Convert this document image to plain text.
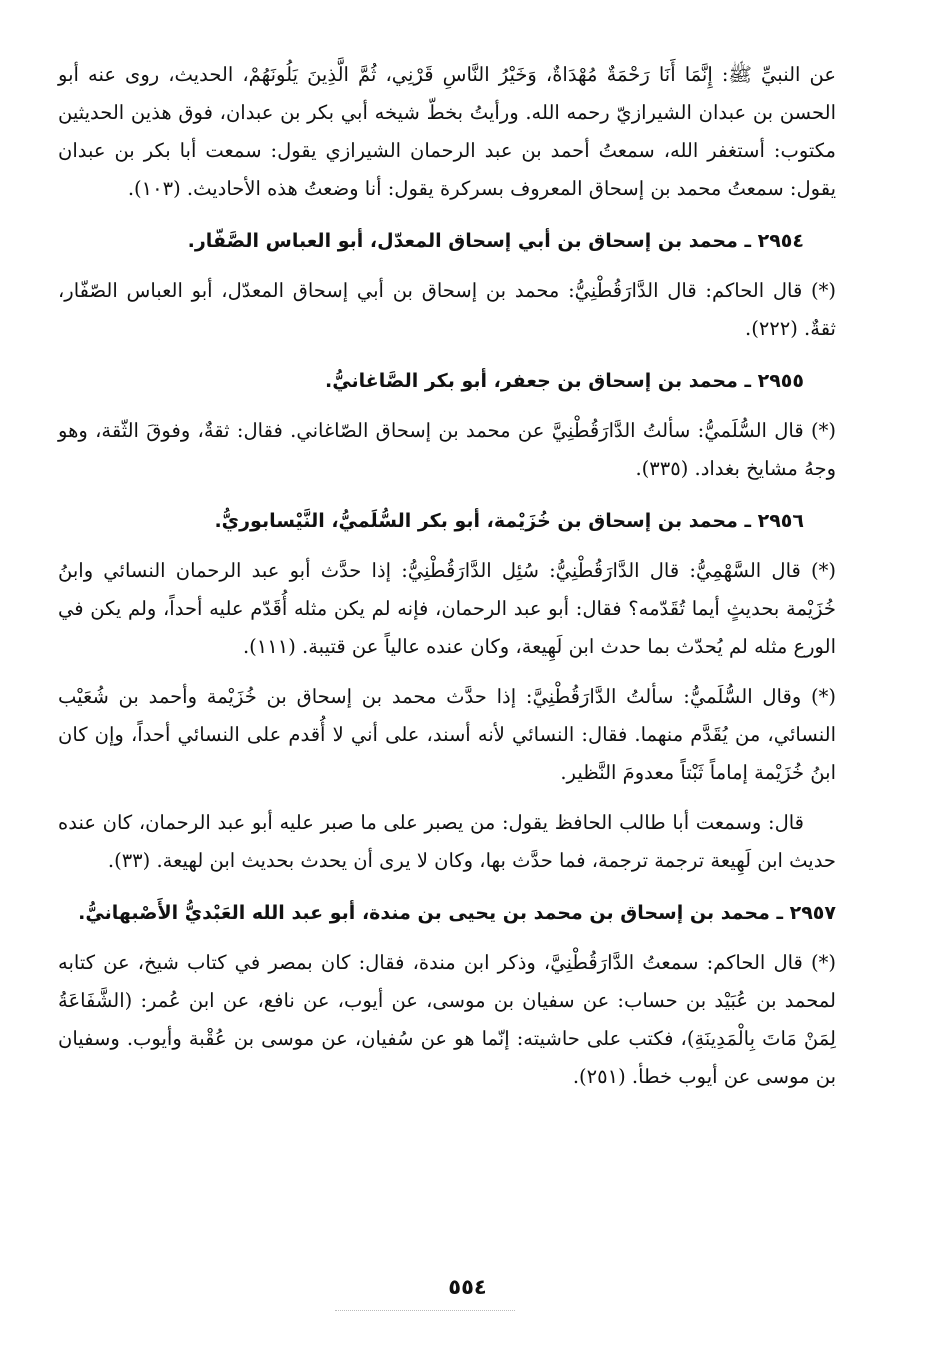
عن النبيِّ ﷺ: إِنَّمَا أَنَا رَحْمَةٌ مُهْدَاةٌ، وَخَيْرُ النَّاسِ قَرْنِي، ثُمَّ الَّذِينَ يَلُونَهُمْ، الحديث، روى عنه أبو الحسن بن عبدان الشيرازيّ رحمه الله. ورأيتُ بخطّ شيخه أبي بكر بن عبدان، فوق هذين الحديثين مكتوب: أستغفر الله، سمعتُ أحمد بن عبد الرحمان الشيرازي يقول: سمعت أبا بكر بن عبدان يقول: سمعتُ محمد بن إسحاق المعروف بسركرة يقول: أنا وضعتُ هذه الأحاديث. (١٠٣).

٢٩٥٤ ـ محمد بن إسحاق بن أبي إسحاق المعدّل، أبو العباس الصَّفّار.

(*) قال الحاكم: قال الدَّارَقُطْنِيُّ: محمد بن إسحاق بن أبي إسحاق المعدّل، أبو العباس الصّفّار، ثقةٌ. (٢٢٢).

٢٩٥٥ ـ محمد بن إسحاق بن جعفر، أبو بكر الصَّاغانيُّ.

(*) قال السُّلَميُّ: سألتُ الدَّارَقُطْنِيَّ عن محمد بن إسحاق الصّاغاني. فقال: ثقةٌ، وفوقَ الثّقة، وهو وجهُ مشايخ بغداد. (٣٣٥).

٢٩٥٦ ـ محمد بن إسحاق بن خُزَيْمة، أبو بكر السُّلَميُّ، النَّيْسابوريُّ.

(*) قال السَّهْمِيُّ: قال الدَّارَقُطْنِيُّ: سُئِل الدَّارَقُطْنِيُّ: إذا حدَّث أبو عبد الرحمان النسائي وابنُ خُزَيْمة بحديثٍ أيما تُقَدّمه؟ فقال: أبو عبد الرحمان، فإنه لم يكن مثله أُقَدّم عليه أحداً، ولم يكن في الورع مثله لم يُحدّث بما حدث ابن لَهِيعة، وكان عنده عالياً عن قتيبة. (١١١).

(*) وقال السُّلَميُّ: سألتُ الدَّارَقُطْنِيَّ: إذا حدَّث محمد بن إسحاق بن خُزَيْمة وأحمد بن شُعَيْب النسائي، من يُقَدَّم منهما. فقال: النسائي لأنه أسند، على أني لا أُقدم على النسائي أحداً، وإن كان ابنُ خُزَيْمة إماماً ثَبْتاً معدومَ النَّظير.

قال: وسمعت أبا طالب الحافظ يقول: من يصبر على ما صبر عليه أبو عبد الرحمان، كان عنده حديث ابن لَهِيعة ترجمة ترجمة، فما حدَّث بها، وكان لا يرى أن يحدث بحديث ابن لهيعة. (٣٣).

٢٩٥٧ ـ محمد بن إسحاق بن محمد بن يحيى بن مندة، أبو عبد الله العَبْديُّ الأَصْبهانيُّ.

(*) قال الحاكم: سمعتُ الدَّارَقُطْنِيَّ، وذكر ابن مندة، فقال: كان بمصر في كتاب شيخ، عن كتابه لمحمد بن عُبَيْد بن حساب: عن سفيان بن موسى، عن أيوب، عن نافع، عن ابن عُمر: (الشَّفَاعَةُ لِمَنْ مَاتَ بِالْمَدِينَةِ)، فكتب على حاشيته: إنّما هو عن سُفيان، عن موسى بن عُقْبة وأيوب. وسفيان بن موسى عن أيوب خطأ. (٢٥١).

٥٥٤
